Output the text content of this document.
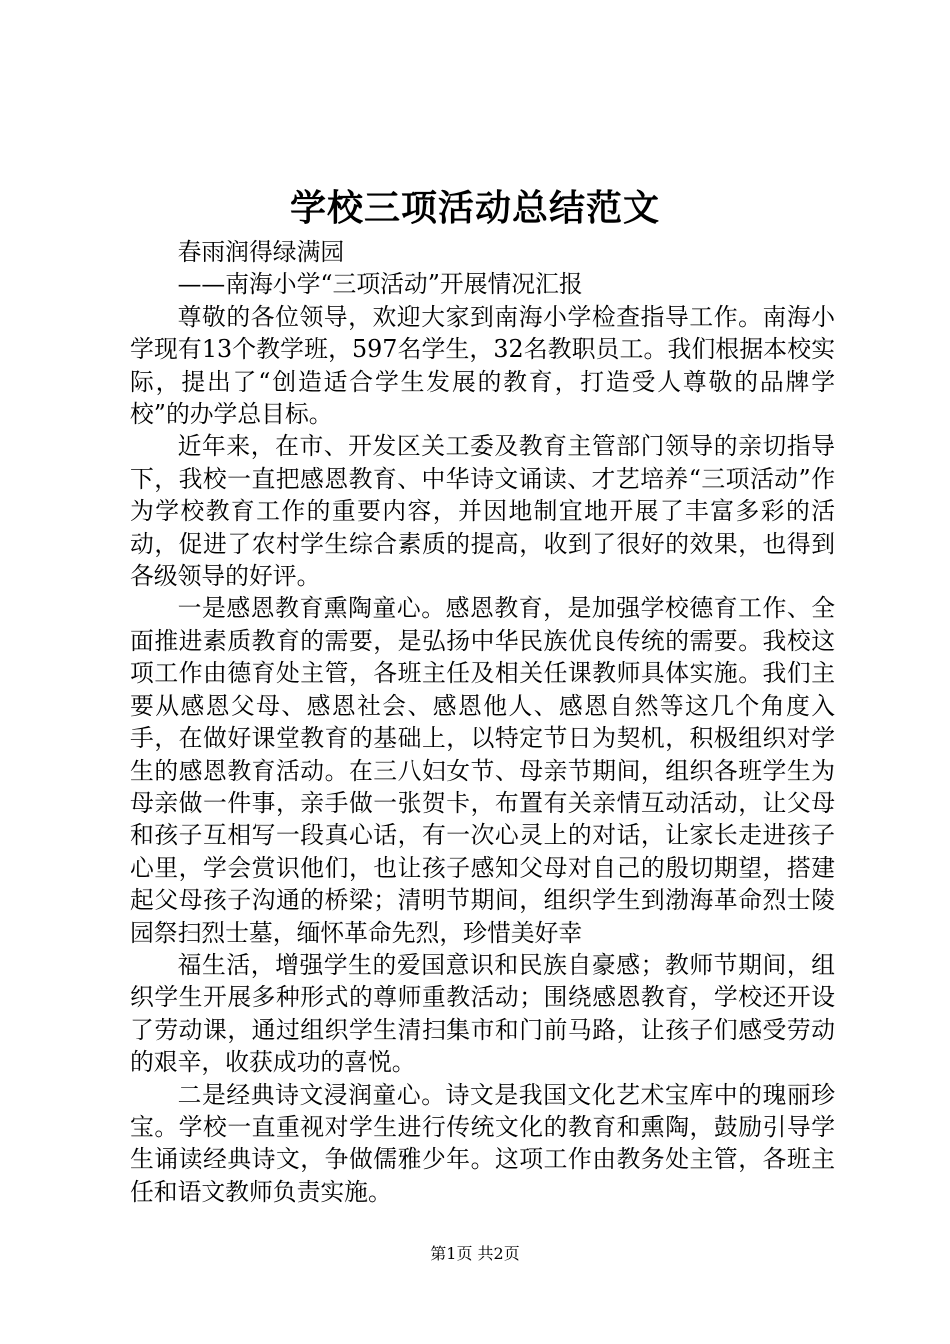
学校三项活动总结范文

春雨润得绿满园

——南海小学“三项活动”开展情况汇报

尊敬的各位领导，欢迎大家到南海小学检查指导工作。南海小学现有13个教学班，597名学生，32名教职员工。我们根据本校实际，提出了“创造适合学生发展的教育，打造受人尊敬的品牌学校”的办学总目标。

近年来，在市、开发区关工委及教育主管部门领导的亲切指导下，我校一直把感恩教育、中华诗文诵读、才艺培养“三项活动”作为学校教育工作的重要内容，并因地制宜地开展了丰富多彩的活动，促进了农村学生综合素质的提高，收到了很好的效果，也得到各级领导的好评。

一是感恩教育熏陶童心。感恩教育，是加强学校德育工作、全面推进素质教育的需要，是弘扬中华民族优良传统的需要。我校这项工作由德育处主管，各班主任及相关任课教师具体实施。我们主要从感恩父母、感恩社会、感恩他人、感恩自然等这几个角度入手，在做好课堂教育的基础上，以特定节日为契机，积极组织对学生的感恩教育活动。在三八妇女节、母亲节期间，组织各班学生为母亲做一件事，亲手做一张贺卡，布置有关亲情互动活动，让父母和孩子互相写一段真心话，有一次心灵上的对话，让家长走进孩子心里，学会赏识他们，也让孩子感知父母对自己的殷切期望，搭建起父母孩子沟通的桥梁；清明节期间，组织学生到渤海革命烈士陵园祭扫烈士墓，缅怀革命先烈，珍惜美好幸

福生活，增强学生的爱国意识和民族自豪感；教师节期间，组织学生开展多种形式的尊师重教活动；围绕感恩教育，学校还开设了劳动课，通过组织学生清扫集市和门前马路，让孩子们感受劳动的艰辛，收获成功的喜悦。

二是经典诗文浸润童心。诗文是我国文化艺术宝库中的瑰丽珍宝。学校一直重视对学生进行传统文化的教育和熏陶，鼓励引导学生诵读经典诗文，争做儒雅少年。这项工作由教务处主管，各班主任和语文教师负责实施。

第1页 共2页
